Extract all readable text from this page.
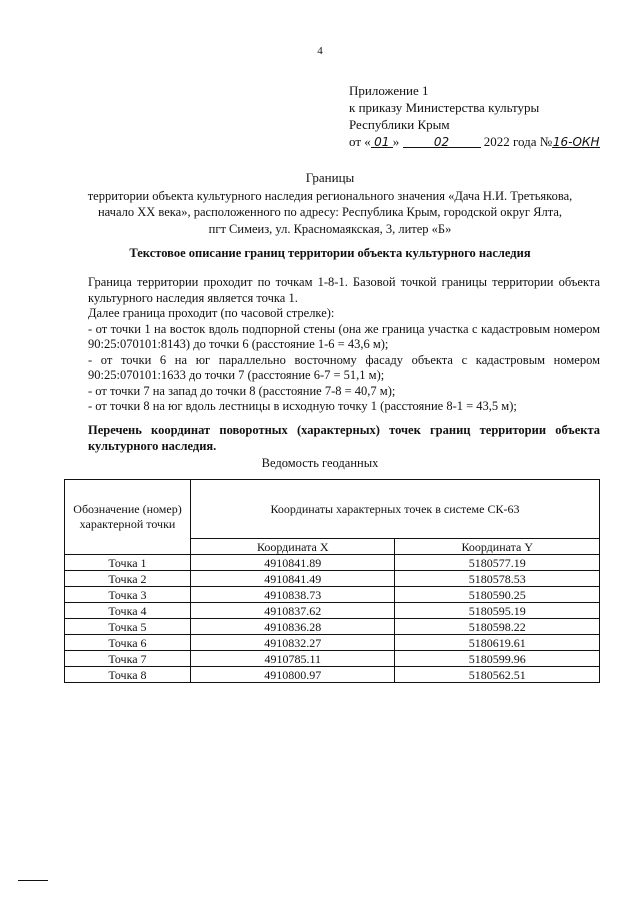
4
Приложение 1
к приказу Министерства культуры
Республики Крым
от « 01 »	02	2022 года №16-ОКН
Границы
территории объекта культурного наследия регионального значения «Дача Н.И. Третьякова,
начало XX века», расположенного по адресу: Республика Крым, городской округ Ялта,
пгт Симеиз, ул. Красномаякская, 3, литер «Б»
Текстовое описание границ территории объекта культурного наследия

Граница территории проходит по точкам 1-8-1. Базовой точкой границы территории объекта культурного наследия является точка 1.

Далее граница проходит (по часовой стрелке):

- от точки 1 на восток вдоль подпорной стены (она же граница участка с кадастровым номером 90:25:070101:8143) до точки 6 (расстояние 1-6 = 43,6 м);

- от точки 6 на юг параллельно восточному фасаду объекта с кадастровым номером 90:25:070101:1633 до точки 7 (расстояние 6-7 = 51,1 м);

- от точки 7 на запад до точки 8 (расстояние 7-8 = 40,7 м);

- от точки 8 на юг вдоль лестницы в исходную точку 1 (расстояние 8-1 = 43,5 м);

Перечень координат поворотных (характерных) точек границ территории объекта культурного наследия.
Ведомость геоданных
Обозначение (номер) характерной точки	Координаты характерных точек в системе СК-63	
	Координата X	Координата Y
Точка 1	4910841.89	5180577.19
Точка 2	4910841.49	5180578.53
Точка 3	4910838.73	5180590.25
Точка 4	4910837.62	5180595.19
Точка 5	4910836.28	5180598.22
Точка 6	4910832.27	5180619.61
Точка 7	4910785.11	5180599.96
Точка 8	4910800.97	5180562.51
